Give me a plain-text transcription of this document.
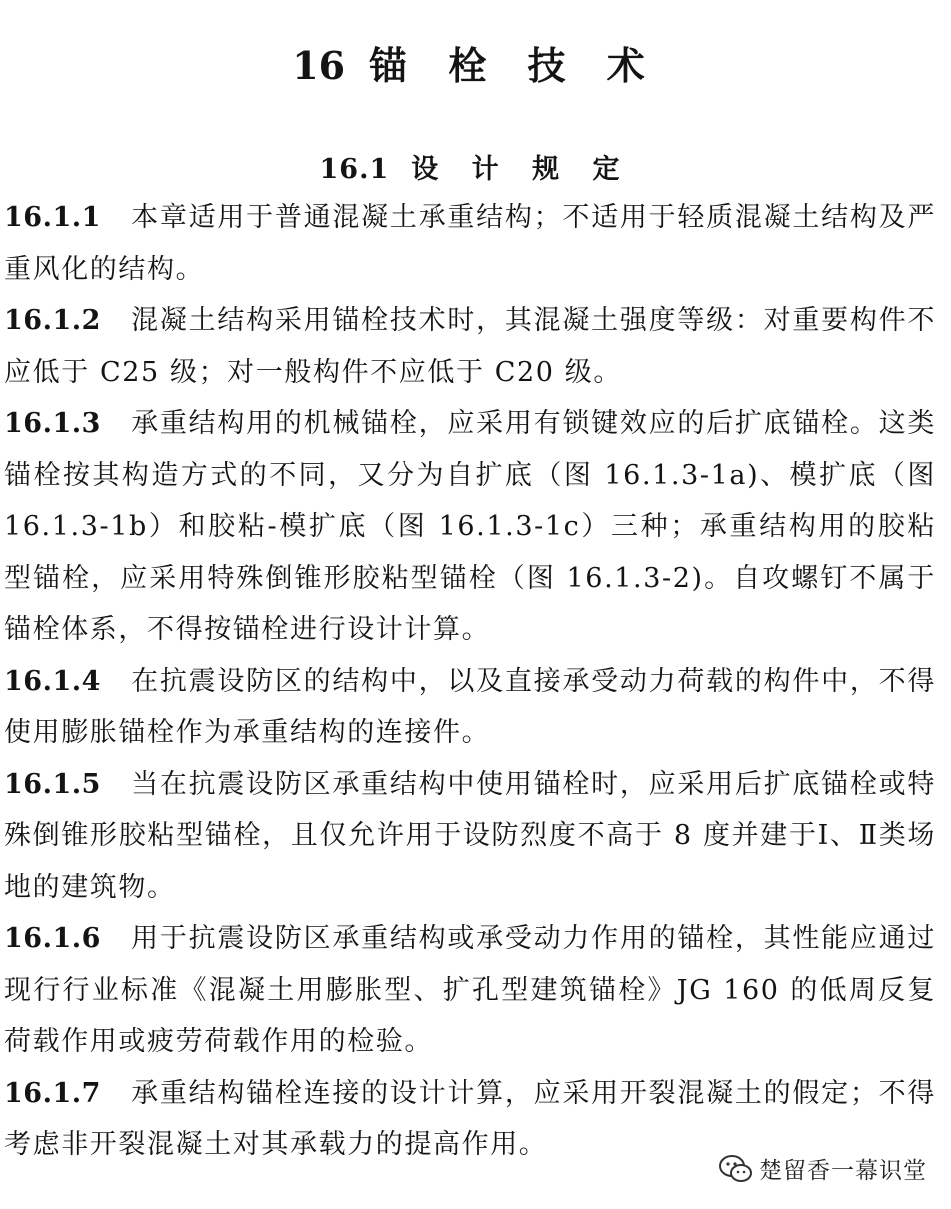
16 锚 栓 技 术
16.1 设 计 规 定

16.1.1 本章适用于普通混凝土承重结构；不适用于轻质混凝土结构及严重风化的结构。

16.1.2 混凝土结构采用锚栓技术时，其混凝土强度等级：对重要构件不应低于 C25 级；对一般构件不应低于 C20 级。

16.1.3 承重结构用的机械锚栓，应采用有锁键效应的后扩底锚栓。这类锚栓按其构造方式的不同，又分为自扩底（图 16.1.3-1a)、模扩底（图 16.1.3-1b）和胶粘-模扩底（图 16.1.3-1c）三种；承重结构用的胶粘型锚栓，应采用特殊倒锥形胶粘型锚栓（图 16.1.3-2)。自攻螺钉不属于锚栓体系，不得按锚栓进行设计计算。

16.1.4 在抗震设防区的结构中，以及直接承受动力荷载的构件中，不得使用膨胀锚栓作为承重结构的连接件。

16.1.5 当在抗震设防区承重结构中使用锚栓时，应采用后扩底锚栓或特殊倒锥形胶粘型锚栓，且仅允许用于设防烈度不高于 8 度并建于Ⅰ、Ⅱ类场地的建筑物。

16.1.6 用于抗震设防区承重结构或承受动力作用的锚栓，其性能应通过现行行业标准《混凝土用膨胀型、扩孔型建筑锚栓》JG 160 的低周反复荷载作用或疲劳荷载作用的检验。

16.1.7 承重结构锚栓连接的设计计算，应采用开裂混凝土的假定；不得考虑非开裂混凝土对其承载力的提高作用。

楚留香一幕识堂
